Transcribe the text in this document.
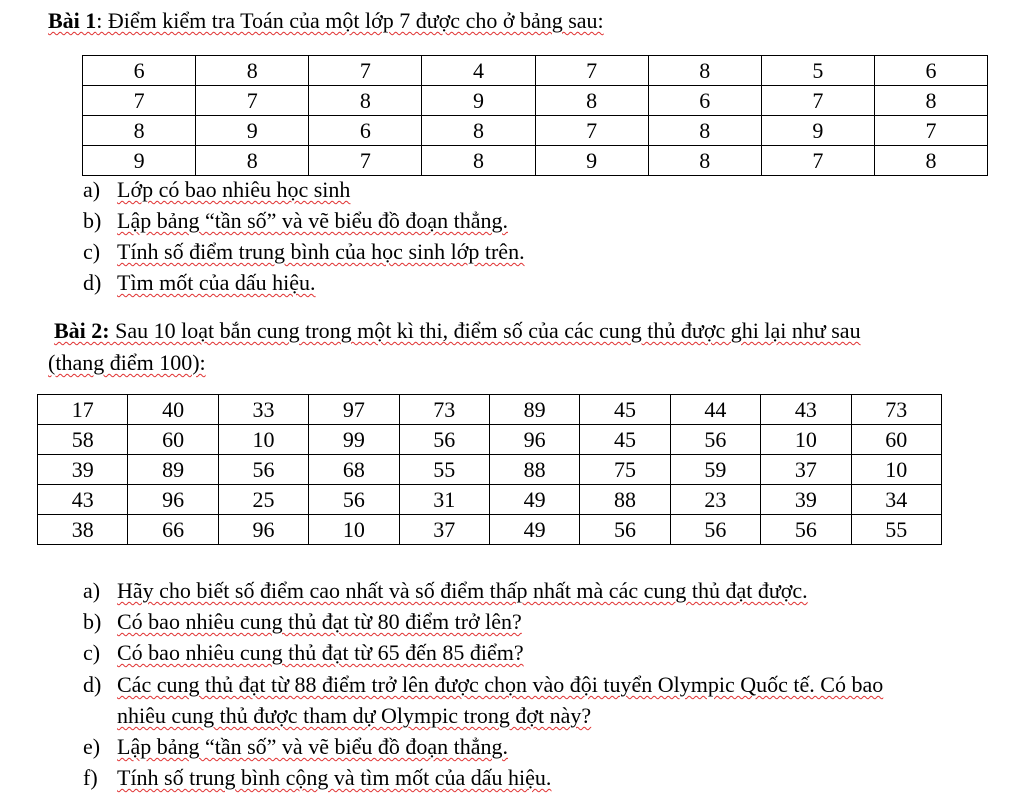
Bài 1: Điểm kiểm tra Toán của một lớp 7 được cho ở bảng sau:
6	8	7	4	7	8	5	6
7	7	8	9	8	6	7	8
8	9	6	8	7	8	9	7
9	8	7	8	9	8	7	8
a) Lớp có bao nhiêu học sinh
b) Lập bảng “tần số” và vẽ biểu đồ đoạn thẳng.
c) Tính số điểm trung bình của học sinh lớp trên.
d) Tìm mốt của dấu hiệu.
Bài 2: Sau 10 loạt bắn cung trong một kì thi, điểm số của các cung thủ được ghi lại như sau
(thang điểm 100):
17	40	33	97	73	89	45	44	43	73
58	60	10	99	56	96	45	56	10	60
39	89	56	68	55	88	75	59	37	10
43	96	25	56	31	49	88	23	39	34
38	66	96	10	37	49	56	56	56	55
a) Hãy cho biết số điểm cao nhất và số điểm thấp nhất mà các cung thủ đạt được.
b) Có bao nhiêu cung thủ đạt từ 80 điểm trở lên?
c) Có bao nhiêu cung thủ đạt từ 65 đến 85 điểm?
d) Các cung thủ đạt từ 88 điểm trở lên được chọn vào đội tuyển Olympic Quốc tế. Có bao
nhiêu cung thủ được tham dự Olympic trong đợt này?
e) Lập bảng “tần số” và vẽ biểu đồ đoạn thẳng.
f) Tính số trung bình cộng và tìm mốt của dấu hiệu.
